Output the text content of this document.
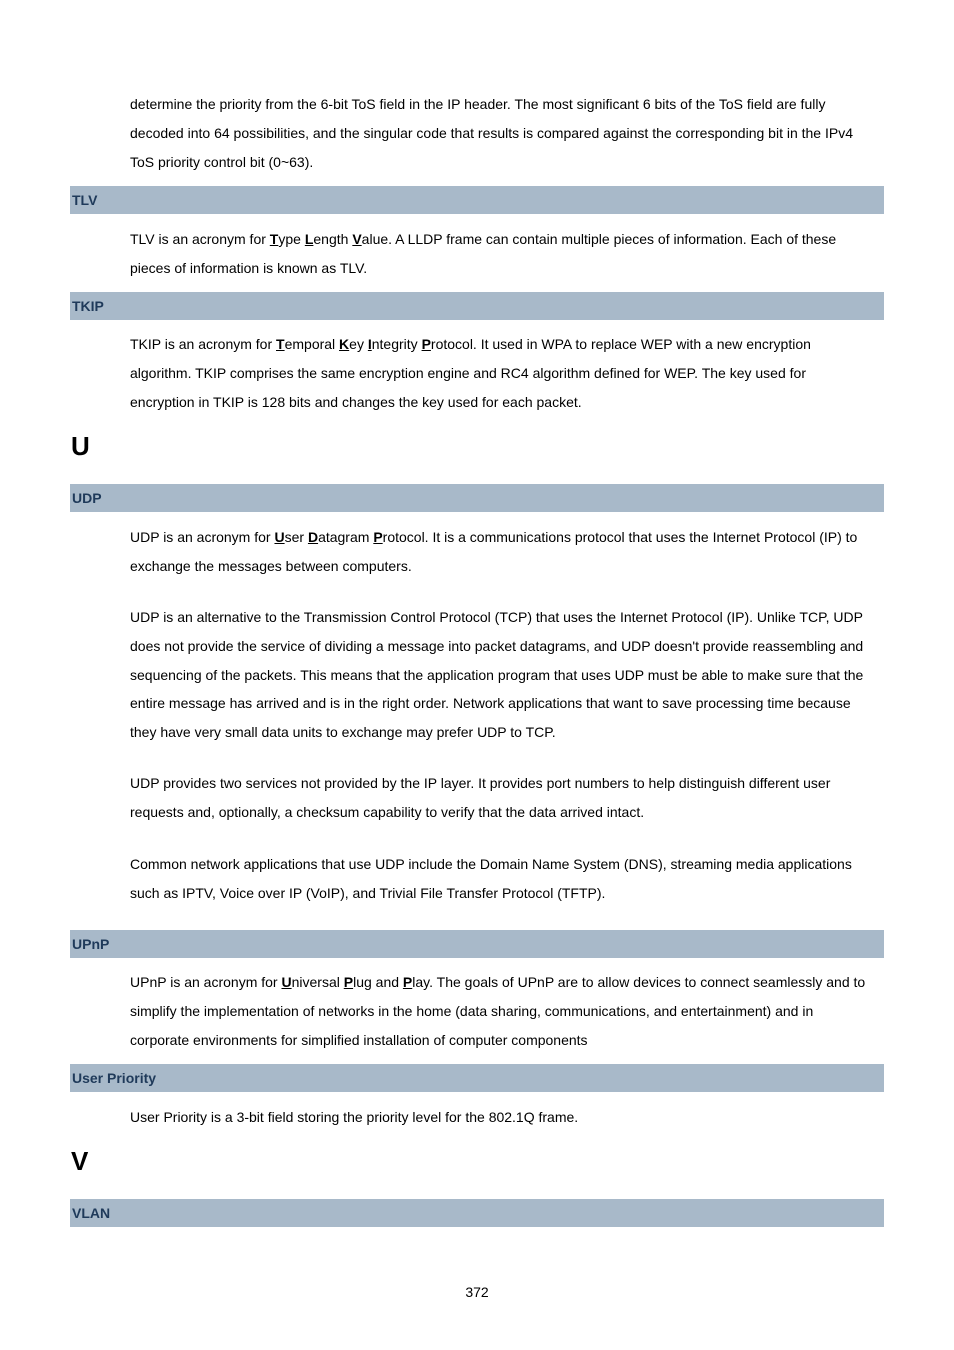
determine the priority from the 6-bit ToS field in the IP header. The most significant 6 bits of the ToS field are fully
decoded into 64 possibilities, and the singular code that results is compared against the corresponding bit in the IPv4
ToS priority control bit (0~63).
TLV
TLV is an acronym for Type Length Value. A LLDP frame can contain multiple pieces of information. Each of these
pieces of information is known as TLV.
TKIP
TKIP is an acronym for Temporal Key Integrity Protocol. It used in WPA to replace WEP with a new encryption
algorithm. TKIP comprises the same encryption engine and RC4 algorithm defined for WEP. The key used for
encryption in TKIP is 128 bits and changes the key used for each packet.
U
UDP
UDP is an acronym for User Datagram Protocol. It is a communications protocol that uses the Internet Protocol (IP) to
exchange the messages between computers.
UDP is an alternative to the Transmission Control Protocol (TCP) that uses the Internet Protocol (IP). Unlike TCP, UDP
does not provide the service of dividing a message into packet datagrams, and UDP doesn't provide reassembling and
sequencing of the packets. This means that the application program that uses UDP must be able to make sure that the
entire message has arrived and is in the right order. Network applications that want to save processing time because
they have very small data units to exchange may prefer UDP to TCP.
UDP provides two services not provided by the IP layer. It provides port numbers to help distinguish different user
requests and, optionally, a checksum capability to verify that the data arrived intact.
Common network applications that use UDP include the Domain Name System (DNS), streaming media applications
such as IPTV, Voice over IP (VoIP), and Trivial File Transfer Protocol (TFTP).
UPnP
UPnP is an acronym for Universal Plug and Play. The goals of UPnP are to allow devices to connect seamlessly and to
simplify the implementation of networks in the home (data sharing, communications, and entertainment) and in
corporate environments for simplified installation of computer components
User Priority
User Priority is a 3-bit field storing the priority level for the 802.1Q frame.
V
VLAN
372
